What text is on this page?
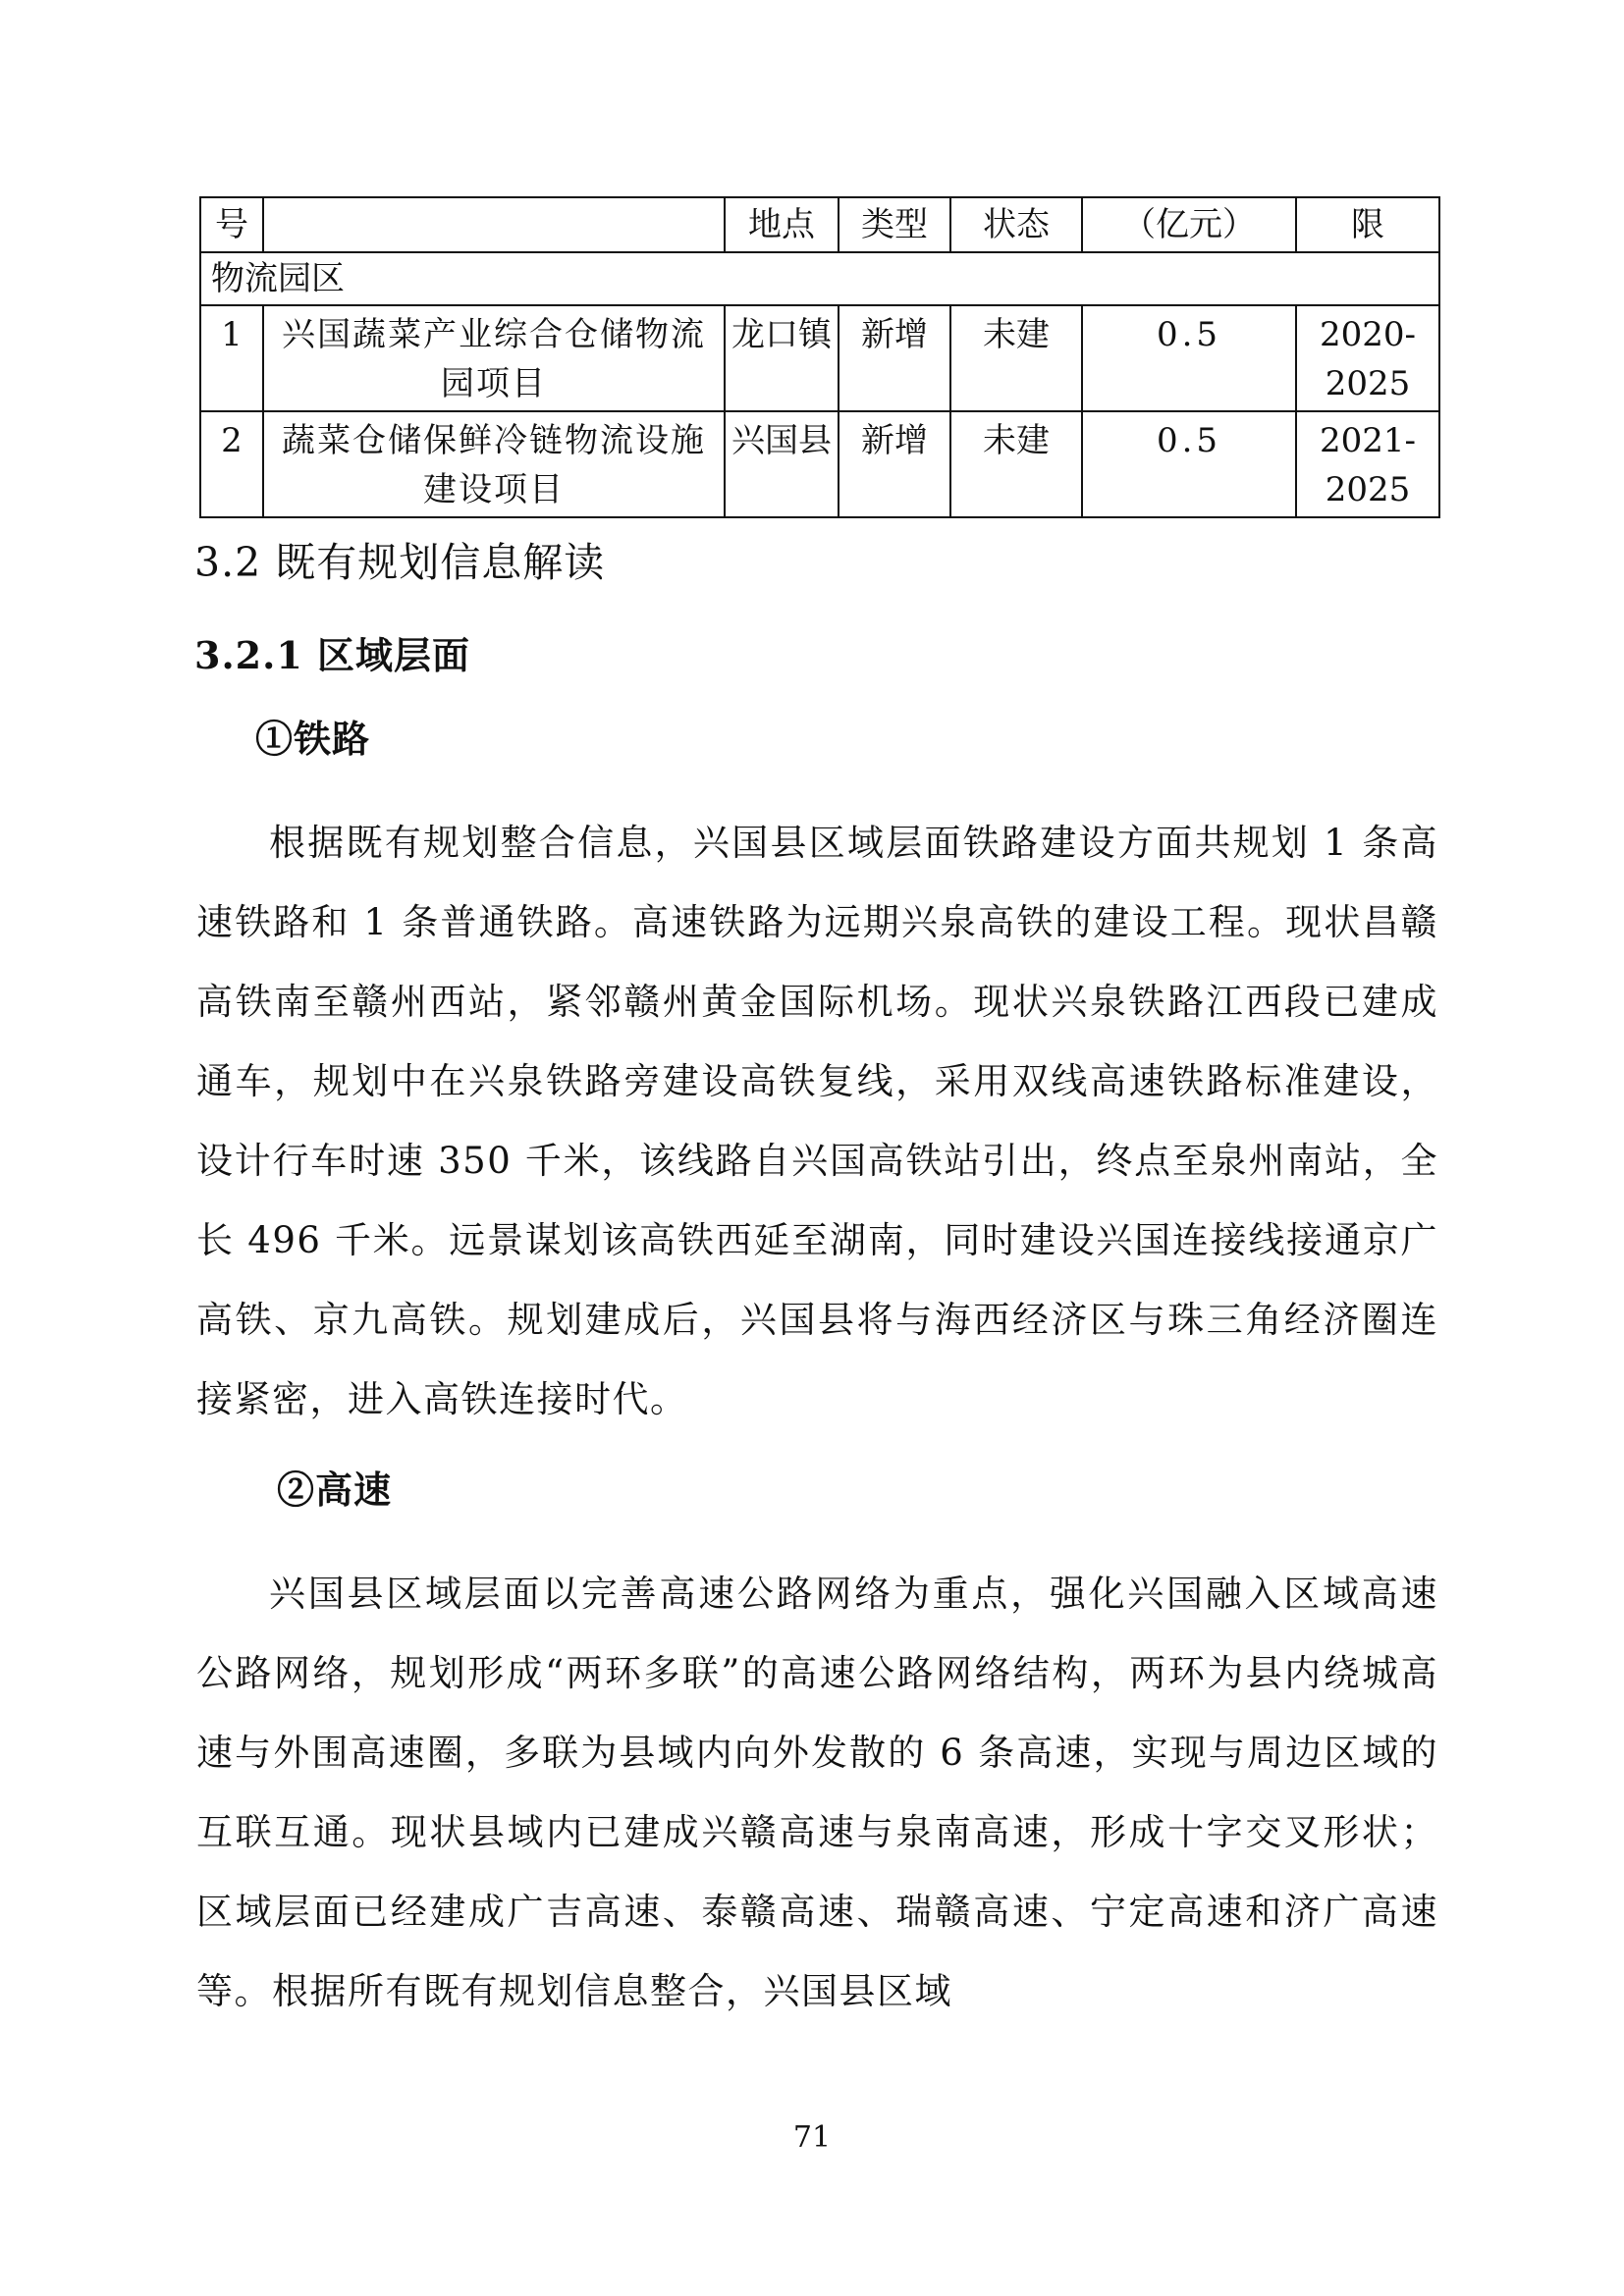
号		地点	类型	状态	（亿元）	限
物流园区						
1	兴国蔬菜产业综合仓储物流园项目	龙口镇	新增	未建	0.5	2020-2025
2	蔬菜仓储保鲜冷链物流设施建设项目	兴国县	新增	未建	0.5	2021-2025
3.2 既有规划信息解读
3.2.1 区域层面
①铁路

根据既有规划整合信息，兴国县区域层面铁路建设方面共规划 1 条高速铁路和 1 条普通铁路。高速铁路为远期兴泉高铁的建设工程。现状昌赣高铁南至赣州西站，紧邻赣州黄金国际机场。现状兴泉铁路江西段已建成通车，规划中在兴泉铁路旁建设高铁复线，采用双线高速铁路标准建设，设计行车时速 350 千米，该线路自兴国高铁站引出，终点至泉州南站，全长 496 千米。远景谋划该高铁西延至湖南，同时建设兴国连接线接通京广高铁、京九高铁。规划建成后，兴国县将与海西经济区与珠三角经济圈连接紧密，进入高铁连接时代。

②高速

兴国县区域层面以完善高速公路网络为重点，强化兴国融入区域高速公路网络，规划形成“两环多联”的高速公路网络结构，两环为县内绕城高速与外围高速圈，多联为县域内向外发散的 6 条高速，实现与周边区域的互联互通。现状县域内已建成兴赣高速与泉南高速，形成十字交叉形状；区域层面已经建成广吉高速、泰赣高速、瑞赣高速、宁定高速和济广高速等。根据所有既有规划信息整合，兴国县区域

71
